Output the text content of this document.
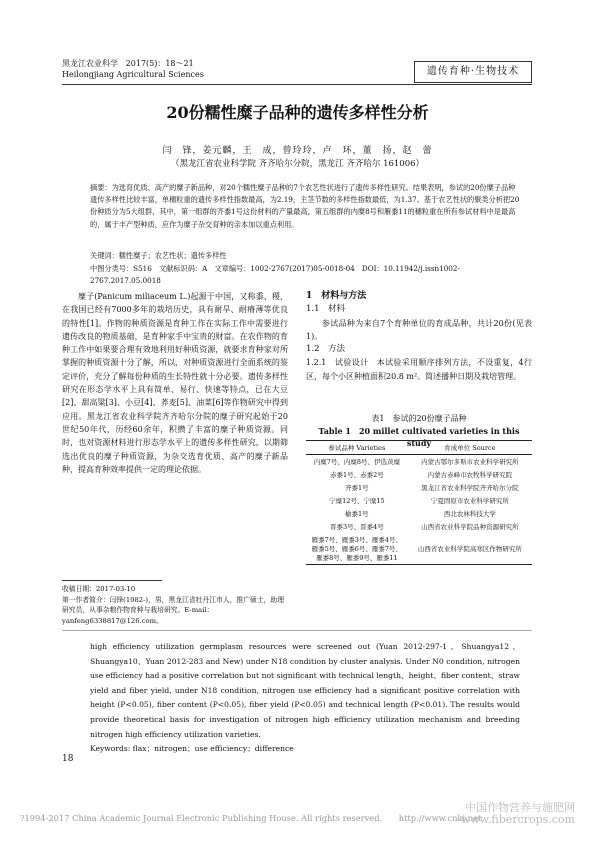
黑龙江农业科学 2017(5)：18～21
Heilongjiang Agricultural Sciences	遗传育种·生物技术
20份糯性糜子品种的遗传多样性分析
闫　锋，姜元麟，王　成，曾玲玲，卢　环，董　扬，赵　蕾
（黑龙江省农业科学院 齐齐哈尔分院，黑龙江 齐齐哈尔 161006）
摘要：为选育优质、高产的糜子新品种，对20个糯性糜子品种的7个农艺性状进行了遗传多样性研究。结果表明，参试的20份糜子品种遗传多样性比较丰富，单穗粒重的遗传多样性指数最高，为2.19，主茎节数的多样性指数最低，为1.37。基于农艺性状的聚类分析把20份种质分为5大组群，其中，第一组群的齐黍1号这份材料的产量最高，第五组群的内糜8号和雁黍11的穗粒重在所有参试材料中是最高的，属于丰产型种质，应作为糜子杂交育种的亲本加以重点利用。
关键词：糯性糜子；农艺性状；遗传多样性
中图分类号：S516　文献标识码：A　文章编号：1002-2767(2017)05-0018-04　DOI：10.11942/j.issn1002-2767.2017.05.0018
糜子(Panicum miliaceum L.)起源于中国，又称黍、稷，在我国已经有7000多年的栽培历史，具有耐旱、耐瘠薄等优良的特性[1]。作物的种质资源是育种工作在实际工作中需要进行遗传改良的物质基础，是育种家手中宝贵的财富。在农作物的育种工作中如果要合理有效地利用好种质资源，就要求育种家对所掌握的种质资源十分了解，所以，对种质资源进行全面系统的鉴定评价，充分了解每份种质的生长特性就十分必要。遗传多样性研究在形态学水平上具有简单、易行、快速等特点，已在大豆[2]、甜高粱[3]、小豆[4]、荞麦[5]、油菜[6]等作物研究中得到应用。黑龙江省农业科学院齐齐哈尔分院的糜子研究起始于20世纪50年代，历经60余年，积攒了丰富的糜子种质资源。同时，也对资源材料进行形态学水平上的遗传多样性研究，以期筛选出优良的糜子种质资源，为杂交选育优质、高产的糜子新品种，提高育种效率提供一定的理论依据。
收稿日期：2017-03-10
第一作者简介：闫锋(1982-)，男，黑龙江省牡丹江市人，推广硕士，助理研究员，从事杂粮作物育种与栽培研究。E-mail：yanfeng6338817@126.com。
1　材料与方法
1.1　材料
参试品种为来自7个育种单位的育成品种，共计20份(见表1)。
1.2　方法
1.2.1　试验设计　本试验采用顺序排列方法，不设重复，4行区，每个小区种植面积20.8 m²。简述播种日期及栽培管理。
表1　参试的20份糜子品种
Table 1　20 millet cultivated varieties in this study
参试品种 Varieties	育成单位 Source
内糜7号、内糜8号、伊选黄糜	内蒙古鄂尔多斯市农业科学研究所
赤黍1号、赤黍2号	内蒙古赤峰市农牧科学研究院
齐黍1号	黑龙江省农业科学院齐齐哈尔分院
宁糜12号、宁糜15	宁夏固原市农业科学研究所
榆黍1号	西北农林科技大学
晋黍3号、晋黍4号	山西省农业科学院品种资源研究所
雁黍7号、雁黍3号、雁黍4号、雁黍5号、雁黍6号、雁黍7号、雁黍8号、雁黍9号、雁黍11	山西省农业科学院高寒区作物研究所
high efficiency utilization germplasm resources were screened out (Yuan 2012-297-1、Shuangya12、Shuangya10、Yuan 2012-283 and New) under N18 condition by cluster analysis. Under N0 condition, nitrogen use efficiency had a positive correlation but not significant with technical length、height、fiber content、straw yield and fiber yield, under N18 condition, nitrogen use efficiency had a significant positive correlation with height (P<0.05), fiber content (P<0.05), fiber yield (P<0.05) and technical length (P<0.01). The results would provide theoretical basis for investigation of nitrogen high efficiency utilization mechanism and breeding nitrogen high efficiency utilization varieties.
Keywords: flax；nitrogen；use efficiency；difference
18
?1994-2017 China Academic Journal Electronic Publishing House. All rights reserved.　　http://www.cnki.net
中国作物营养与施肥网
www.fibercrops.com
